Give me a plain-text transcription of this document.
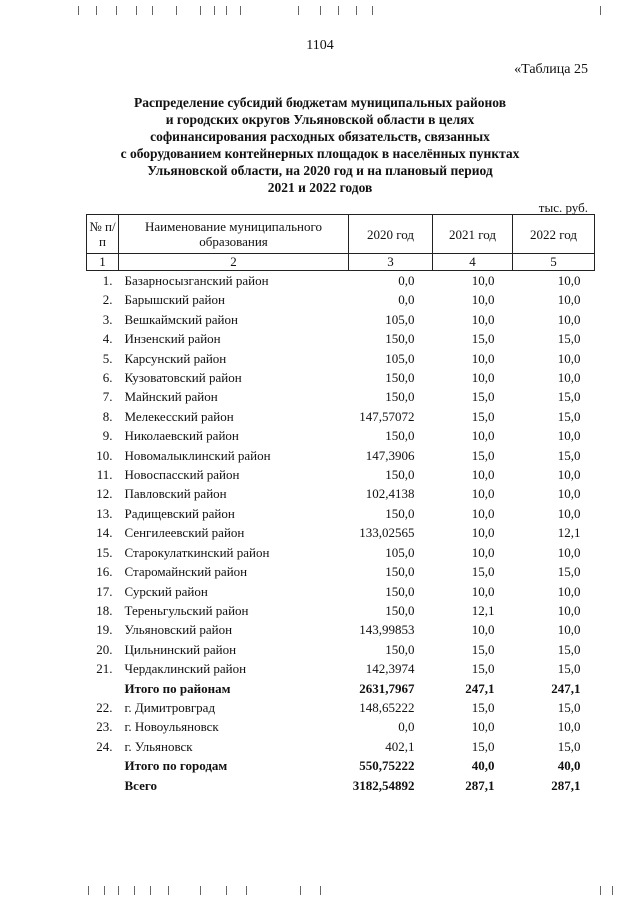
1104
«Таблица 25
Распределение субсидий бюджетам муниципальных районов
и городских округов Ульяновской области в целях
софинансирования расходных обязательств, связанных
с оборудованием контейнерных площадок в населённых пунктах
Ульяновской области, на 2020 год и на плановый период
2021 и 2022 годов
тыс. руб.
№ п/п	Наименование муниципального образования	2020 год	2021 год	2022 год
1	2	3	4	5
1.	Базарносызганский район	0,0	10,0	10,0
2.	Барышский район	0,0	10,0	10,0
3.	Вешкаймский район	105,0	10,0	10,0
4.	Инзенский район	150,0	15,0	15,0
5.	Карсунский район	105,0	10,0	10,0
6.	Кузоватовский район	150,0	10,0	10,0
7.	Майнский район	150,0	15,0	15,0
8.	Мелекесский район	147,57072	15,0	15,0
9.	Николаевский район	150,0	10,0	10,0
10.	Новомалыклинский район	147,3906	15,0	15,0
11.	Новоспасский район	150,0	10,0	10,0
12.	Павловский район	102,4138	10,0	10,0
13.	Радищевский район	150,0	10,0	10,0
14.	Сенгилеевский район	133,02565	10,0	12,1
15.	Старокулаткинский район	105,0	10,0	10,0
16.	Старомайнский район	150,0	15,0	15,0
17.	Сурский район	150,0	10,0	10,0
18.	Тереньгульский район	150,0	12,1	10,0
19.	Ульяновский район	143,99853	10,0	10,0
20.	Цильнинский район	150,0	15,0	15,0
21.	Чердаклинский район	142,3974	15,0	15,0
	Итого по районам	2631,7967	247,1	247,1
22.	г. Димитровград	148,65222	15,0	15,0
23.	г. Новоульяновск	0,0	10,0	10,0
24.	г. Ульяновск	402,1	15,0	15,0
	Итого по городам	550,75222	40,0	40,0
	Всего	3182,54892	287,1	287,1
